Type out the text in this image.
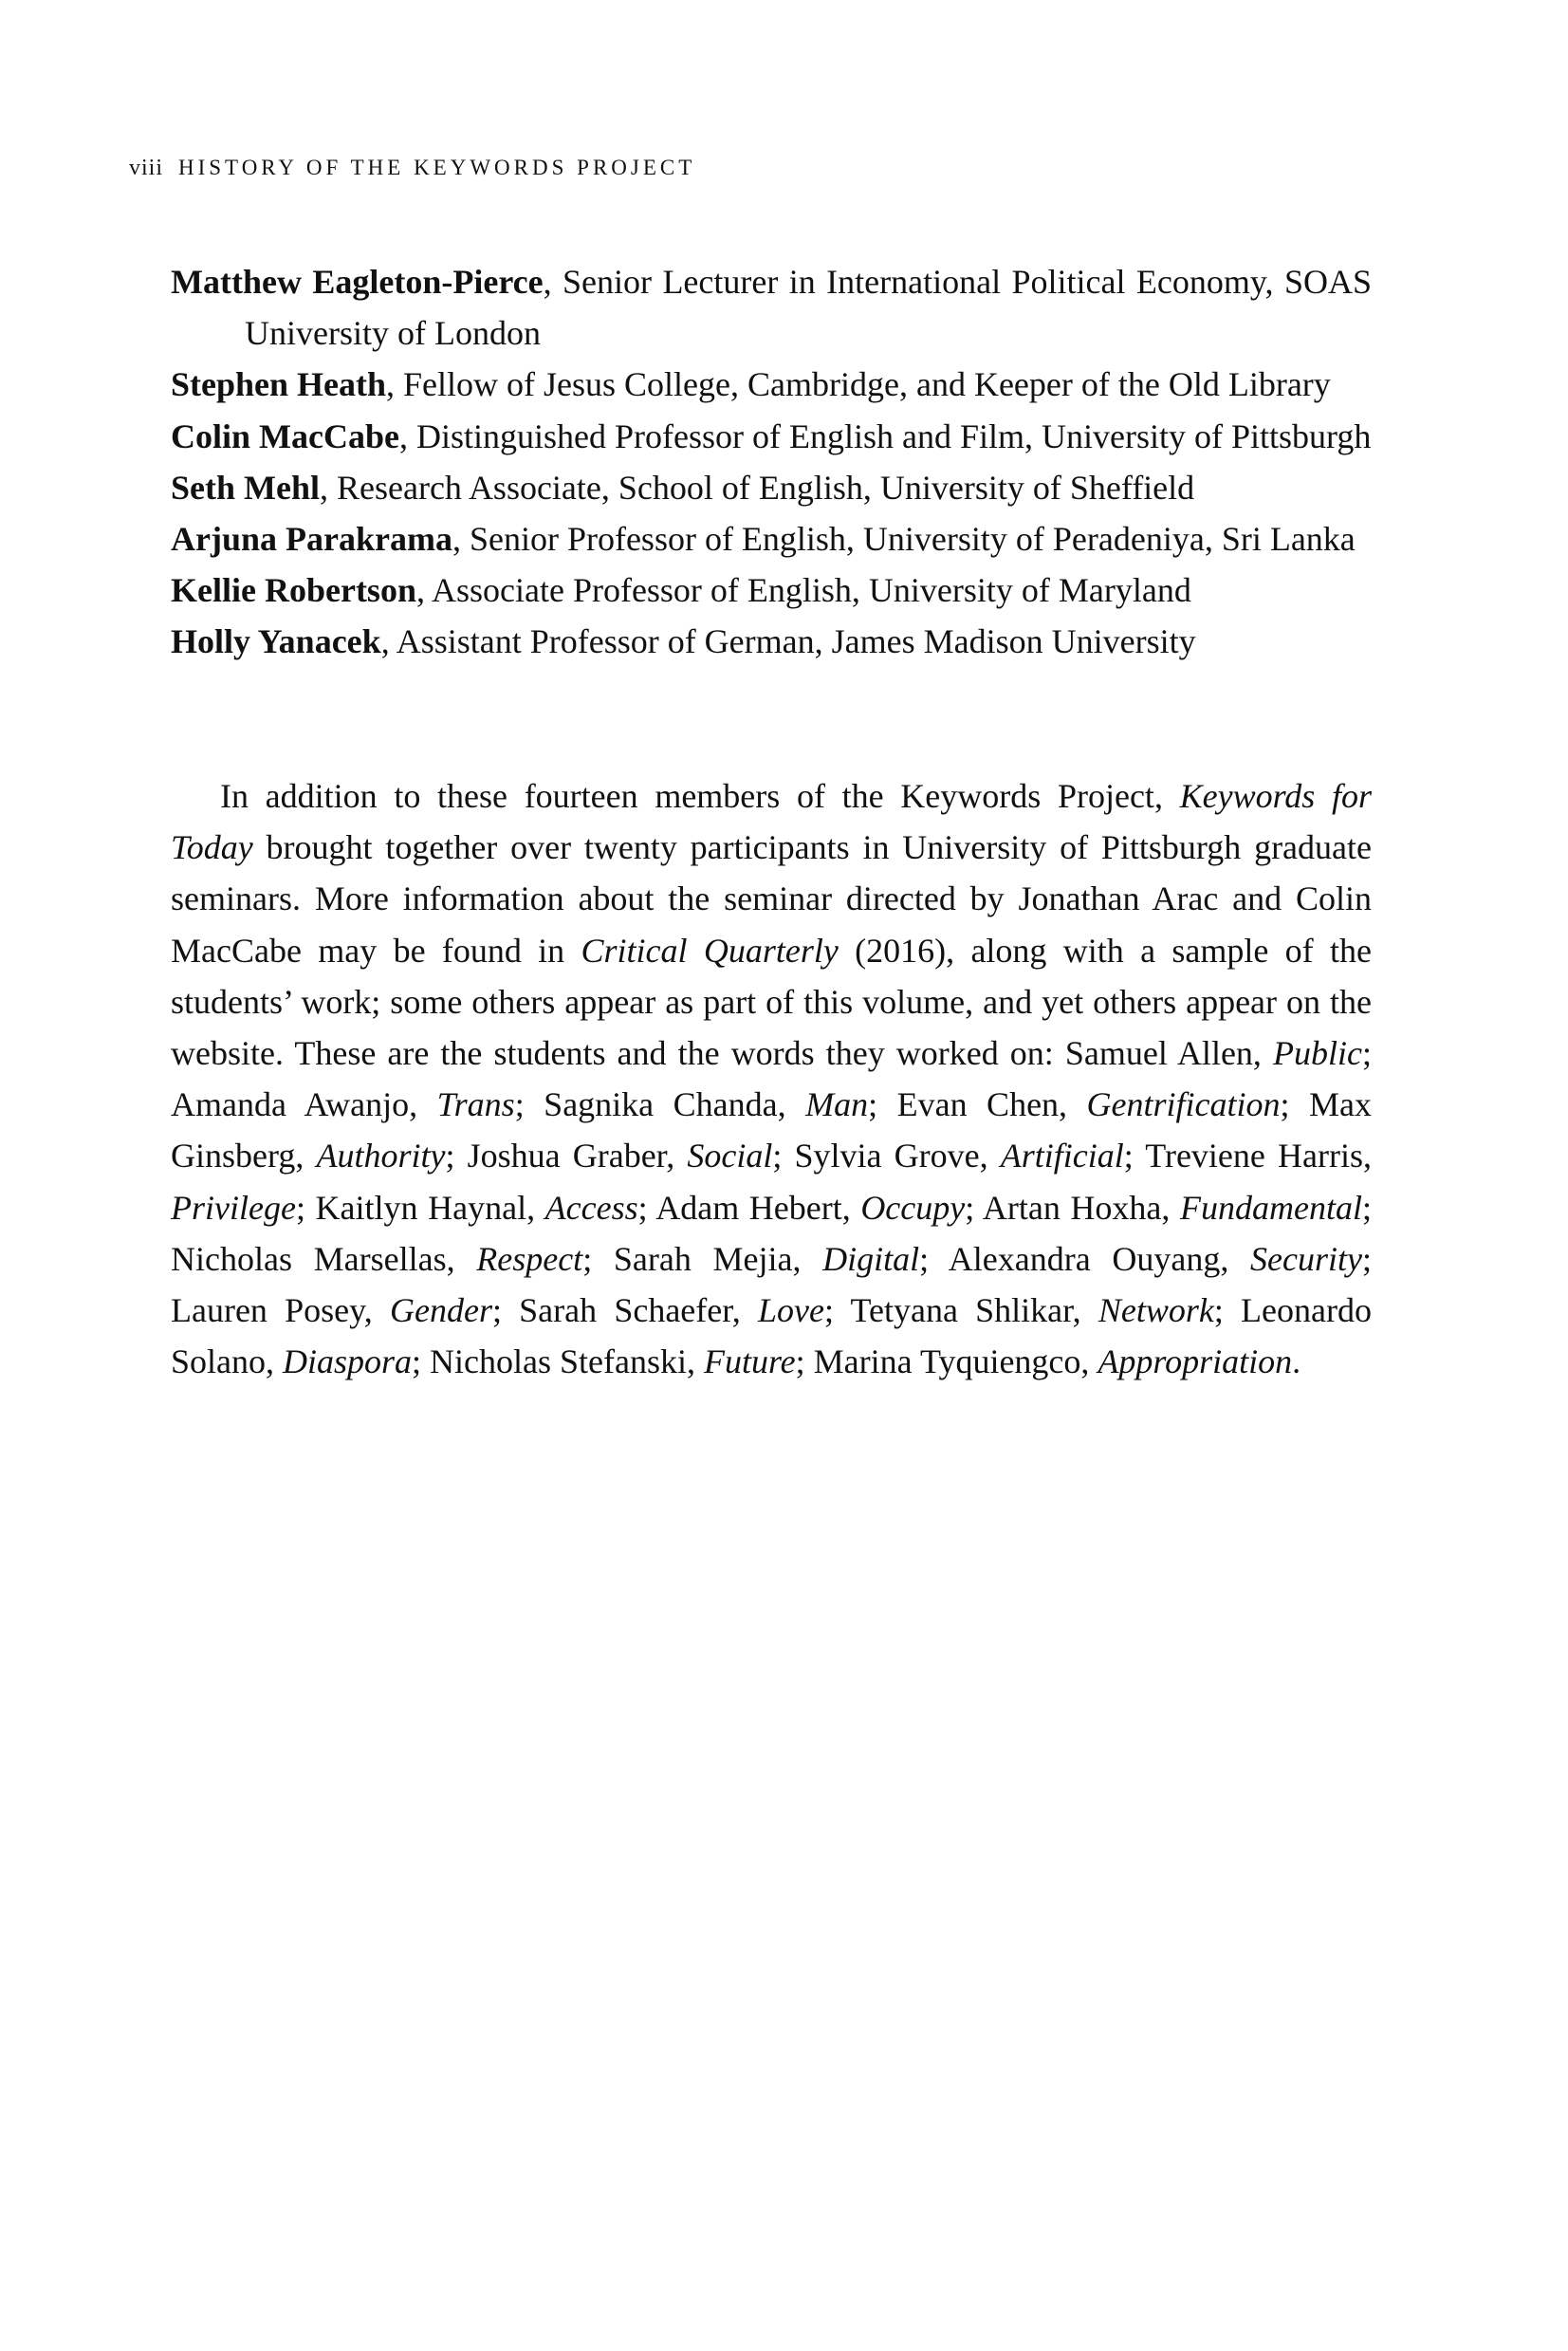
viii HISTORY OF THE KEYWORDS PROJECT
Matthew Eagleton-Pierce, Senior Lecturer in International Political Economy, SOAS University of London
Stephen Heath, Fellow of Jesus College, Cambridge, and Keeper of the Old Library
Colin MacCabe, Distinguished Professor of English and Film, University of Pittsburgh
Seth Mehl, Research Associate, School of English, University of Sheffield
Arjuna Parakrama, Senior Professor of English, University of Peradeniya, Sri Lanka
Kellie Robertson, Associate Professor of English, University of Maryland
Holly Yanacek, Assistant Professor of German, James Madison University

In addition to these fourteen members of the Keywords Project, Keywords for Today brought together over twenty participants in University of Pittsburgh graduate seminars. More information about the seminar directed by Jonathan Arac and Colin MacCabe may be found in Critical Quarterly (2016), along with a sample of the students’ work; some others appear as part of this volume, and yet others appear on the website. These are the students and the words they worked on: Samuel Allen, Public; Amanda Awanjo, Trans; Sagnika Chanda, Man; Evan Chen, Gentrification; Max Ginsberg, Authority; Joshua Graber, Social; Sylvia Grove, Artificial; Treviene Harris, Privilege; Kaitlyn Haynal, Access; Adam Hebert, Occupy; Artan Hoxha, Fundamental; Nicholas Marsellas, Respect; Sarah Mejia, Digital; Alexandra Ouyang, Security; Lauren Posey, Gender; Sarah Schaefer, Love; Tetyana Shlikar, Network; Leonardo Solano, Diaspora; Nicholas Stefanski, Future; Marina Tyquiengco, Appropriation.
